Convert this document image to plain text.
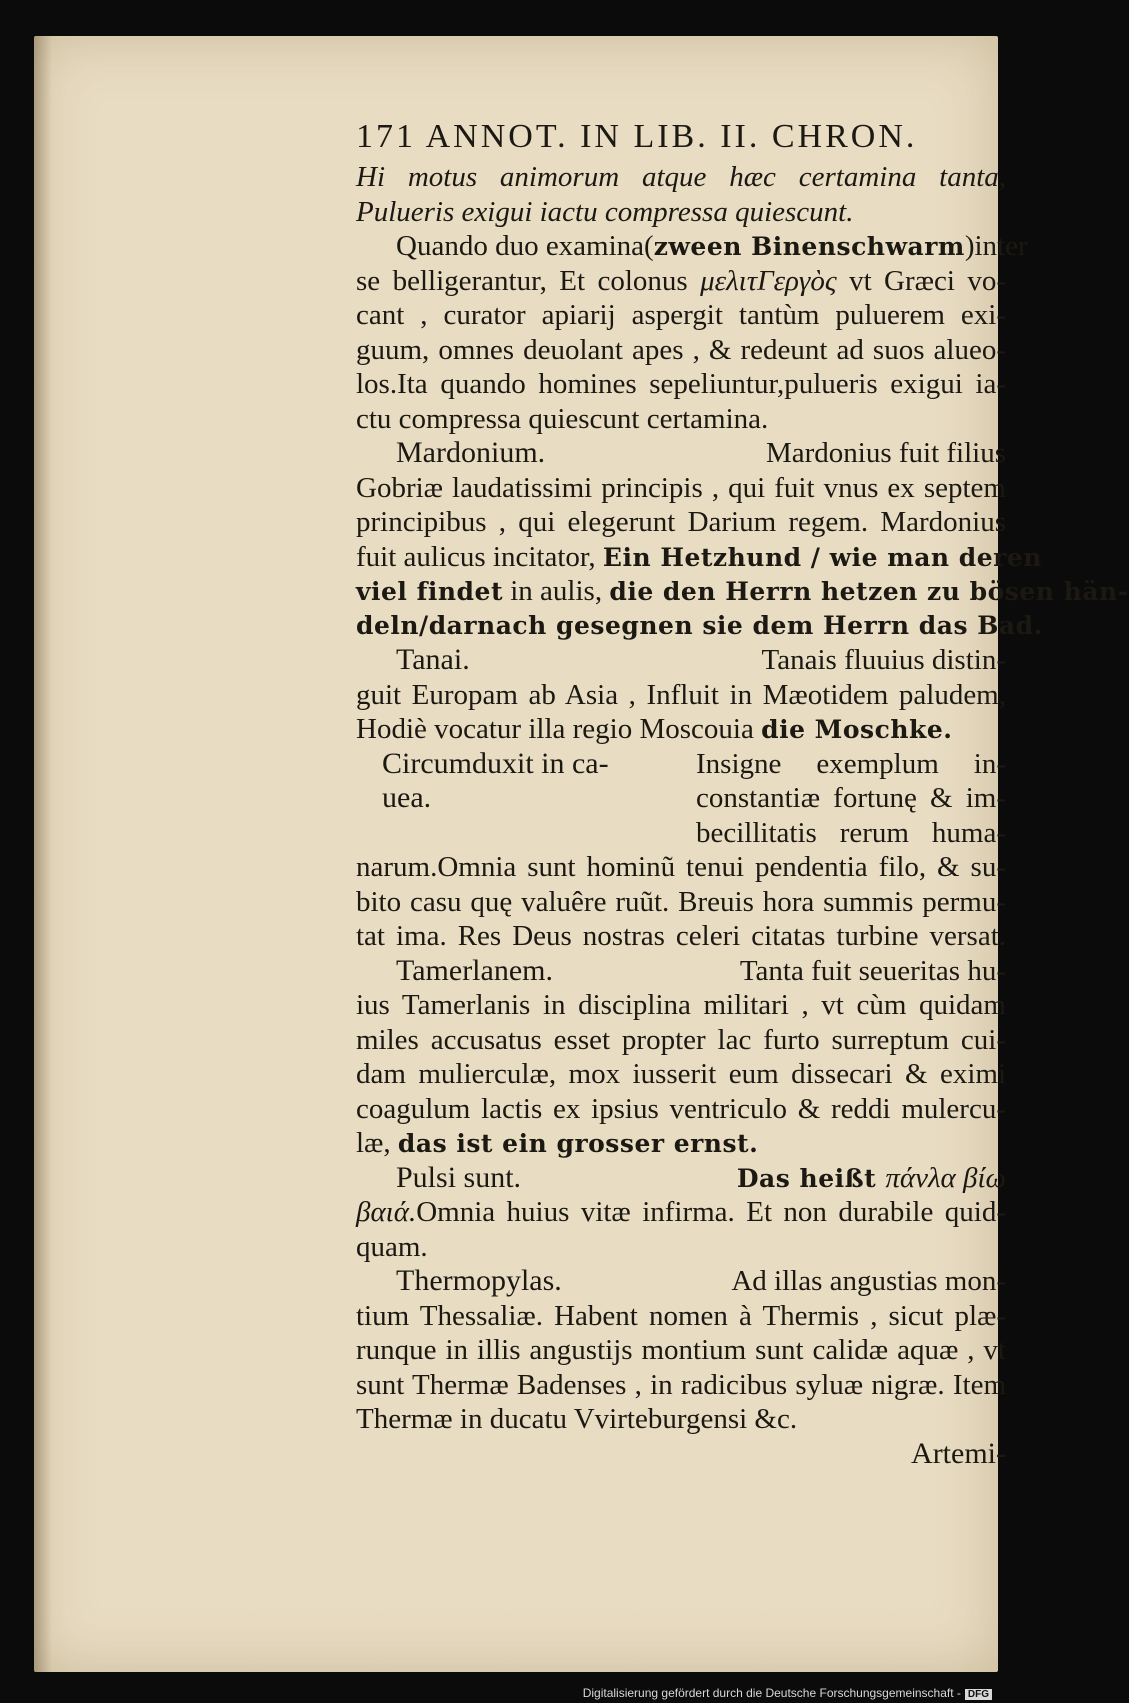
171 ANNOT. IN LIB. II. CHRON.
Hi motus animorum atque hæc certamina tanta,
Pulueris exigui iactu compressa quiescunt.
Quando duo examina(zween Binenschwarm)inter
se belligerantur, Et colonus μελιτΓεργὸς vt Græci vo-
cant , curator apiarij aspergit tantùm puluerem exi-
guum, omnes deuolant apes , & redeunt ad suos alueo-
los.Ita quando homines sepeliuntur,pulueris exigui ia-
ctu compressa quiescunt certamina.
Mardonium.	Mardonius fuit filius
Gobriæ laudatissimi principis , qui fuit vnus ex septem
principibus , qui elegerunt Darium regem. Mardonius
fuit aulicus incitator, Ein Hetzhund / wie man deren
viel findet in aulis, die den Herrn hetzen zu bösen hän-
deln/darnach gesegnen sie dem Herrn das Bad.
Tanai.	Tanais fluuius distin-
guit Europam ab Asia , Influit in Mæotidem paludem,
Hodiè vocatur illa regio Moscouia die Moschke.
Circumduxit in ca-
uea.
Insigne exemplum in-
constantiæ fortunę & im-
becillitatis rerum huma-
narum.Omnia sunt hominũ tenui pendentia filo, & su-
bito casu quę valuêre ruũt. Breuis hora summis permu-
tat ima. Res Deus nostras celeri citatas turbine versat.
Tamerlanem.	Tanta fuit seueritas hu-
ius Tamerlanis in disciplina militari , vt cùm quidam
miles accusatus esset propter lac furto surreptum cui-
dam mulierculæ, mox iusserit eum dissecari & eximi
coagulum lactis ex ipsius ventriculo & reddi mulercu-
læ, das ist ein grosser ernst.
Pulsi sunt.	Das heißt πάνλα βίω
βαιά.Omnia huius vitæ infirma. Et non durabile quid-
quam.
Thermopylas.	Ad illas angustias mon-
tium Thessaliæ. Habent nomen à Thermis , sicut plæ-
runque in illis angustijs montium sunt calidæ aquæ , vt
sunt Thermæ Badenses , in radicibus syluæ nigræ. Item
Thermæ in ducatu Vvirteburgensi &c.
Artemi-
Digitalisierung gefördert durch die Deutsche Forschungsgemeinschaft - DFG
